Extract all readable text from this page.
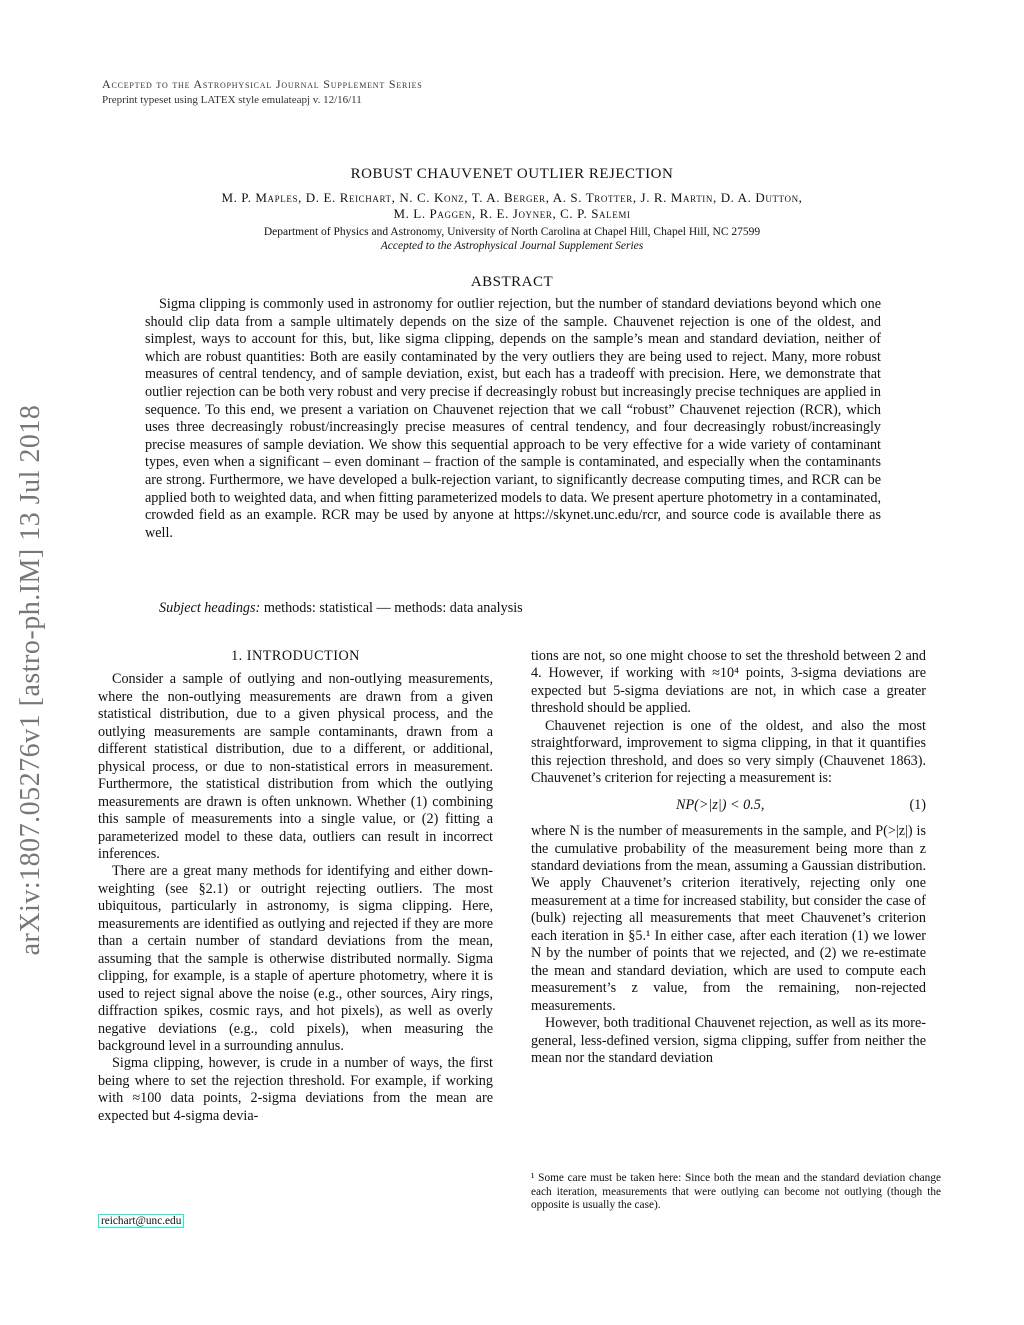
arXiv:1807.05276v1 [astro-ph.IM] 13 Jul 2018
Accepted to the Astrophysical Journal Supplement Series
Preprint typeset using LATEX style emulateapj v. 12/16/11
ROBUST CHAUVENET OUTLIER REJECTION
M. P. Maples, D. E. Reichart, N. C. Konz, T. A. Berger, A. S. Trotter, J. R. Martin, D. A. Dutton,
M. L. Paggen, R. E. Joyner, C. P. Salemi
Department of Physics and Astronomy, University of North Carolina at Chapel Hill, Chapel Hill, NC 27599
Accepted to the Astrophysical Journal Supplement Series
ABSTRACT
Sigma clipping is commonly used in astronomy for outlier rejection, but the number of standard deviations beyond which one should clip data from a sample ultimately depends on the size of the sample. Chauvenet rejection is one of the oldest, and simplest, ways to account for this, but, like sigma clipping, depends on the sample’s mean and standard deviation, neither of which are robust quantities: Both are easily contaminated by the very outliers they are being used to reject. Many, more robust measures of central tendency, and of sample deviation, exist, but each has a tradeoff with precision. Here, we demonstrate that outlier rejection can be both very robust and very precise if decreasingly robust but increasingly precise techniques are applied in sequence. To this end, we present a variation on Chauvenet rejection that we call “robust” Chauvenet rejection (RCR), which uses three decreasingly robust/increasingly precise measures of central tendency, and four decreasingly robust/increasingly precise measures of sample deviation. We show this sequential approach to be very effective for a wide variety of contaminant types, even when a significant – even dominant – fraction of the sample is contaminated, and especially when the contaminants are strong. Furthermore, we have developed a bulk-rejection variant, to significantly decrease computing times, and RCR can be applied both to weighted data, and when fitting parameterized models to data. We present aperture photometry in a contaminated, crowded field as an example. RCR may be used by anyone at https://skynet.unc.edu/rcr, and source code is available there as well.
Subject headings: methods: statistical — methods: data analysis
1. INTRODUCTION

Consider a sample of outlying and non-outlying measurements, where the non-outlying measurements are drawn from a given statistical distribution, due to a given physical process, and the outlying measurements are sample contaminants, drawn from a different statistical distribution, due to a different, or additional, physical process, or due to non-statistical errors in measurement. Furthermore, the statistical distribution from which the outlying measurements are drawn is often unknown. Whether (1) combining this sample of measurements into a single value, or (2) fitting a parameterized model to these data, outliers can result in incorrect inferences.

There are a great many methods for identifying and either down-weighting (see §2.1) or outright rejecting outliers. The most ubiquitous, particularly in astronomy, is sigma clipping. Here, measurements are identified as outlying and rejected if they are more than a certain number of standard deviations from the mean, assuming that the sample is otherwise distributed normally. Sigma clipping, for example, is a staple of aperture photometry, where it is used to reject signal above the noise (e.g., other sources, Airy rings, diffraction spikes, cosmic rays, and hot pixels), as well as overly negative deviations (e.g., cold pixels), when measuring the background level in a surrounding annulus.

Sigma clipping, however, is crude in a number of ways, the first being where to set the rejection threshold. For example, if working with ≈100 data points, 2-sigma deviations from the mean are expected but 4-sigma devia-

tions are not, so one might choose to set the threshold between 2 and 4. However, if working with ≈10⁴ points, 3-sigma deviations are expected but 5-sigma deviations are not, in which case a greater threshold should be applied.

Chauvenet rejection is one of the oldest, and also the most straightforward, improvement to sigma clipping, in that it quantifies this rejection threshold, and does so very simply (Chauvenet 1863). Chauvenet’s criterion for rejecting a measurement is:

NP(>|z|) < 0.5,	(1)

where N is the number of measurements in the sample, and P(>|z|) is the cumulative probability of the measurement being more than z standard deviations from the mean, assuming a Gaussian distribution. We apply Chauvenet’s criterion iteratively, rejecting only one measurement at a time for increased stability, but consider the case of (bulk) rejecting all measurements that meet Chauvenet’s criterion each iteration in §5.¹ In either case, after each iteration (1) we lower N by the number of points that we rejected, and (2) we re-estimate the mean and standard deviation, which are used to compute each measurement’s z value, from the remaining, non-rejected measurements.

However, both traditional Chauvenet rejection, as well as its more-general, less-defined version, sigma clipping, suffer from neither the mean nor the standard deviation

¹ Some care must be taken here: Since both the mean and the standard deviation change each iteration, measurements that were outlying can become not outlying (though the opposite is usually the case).
reichart@unc.edu
